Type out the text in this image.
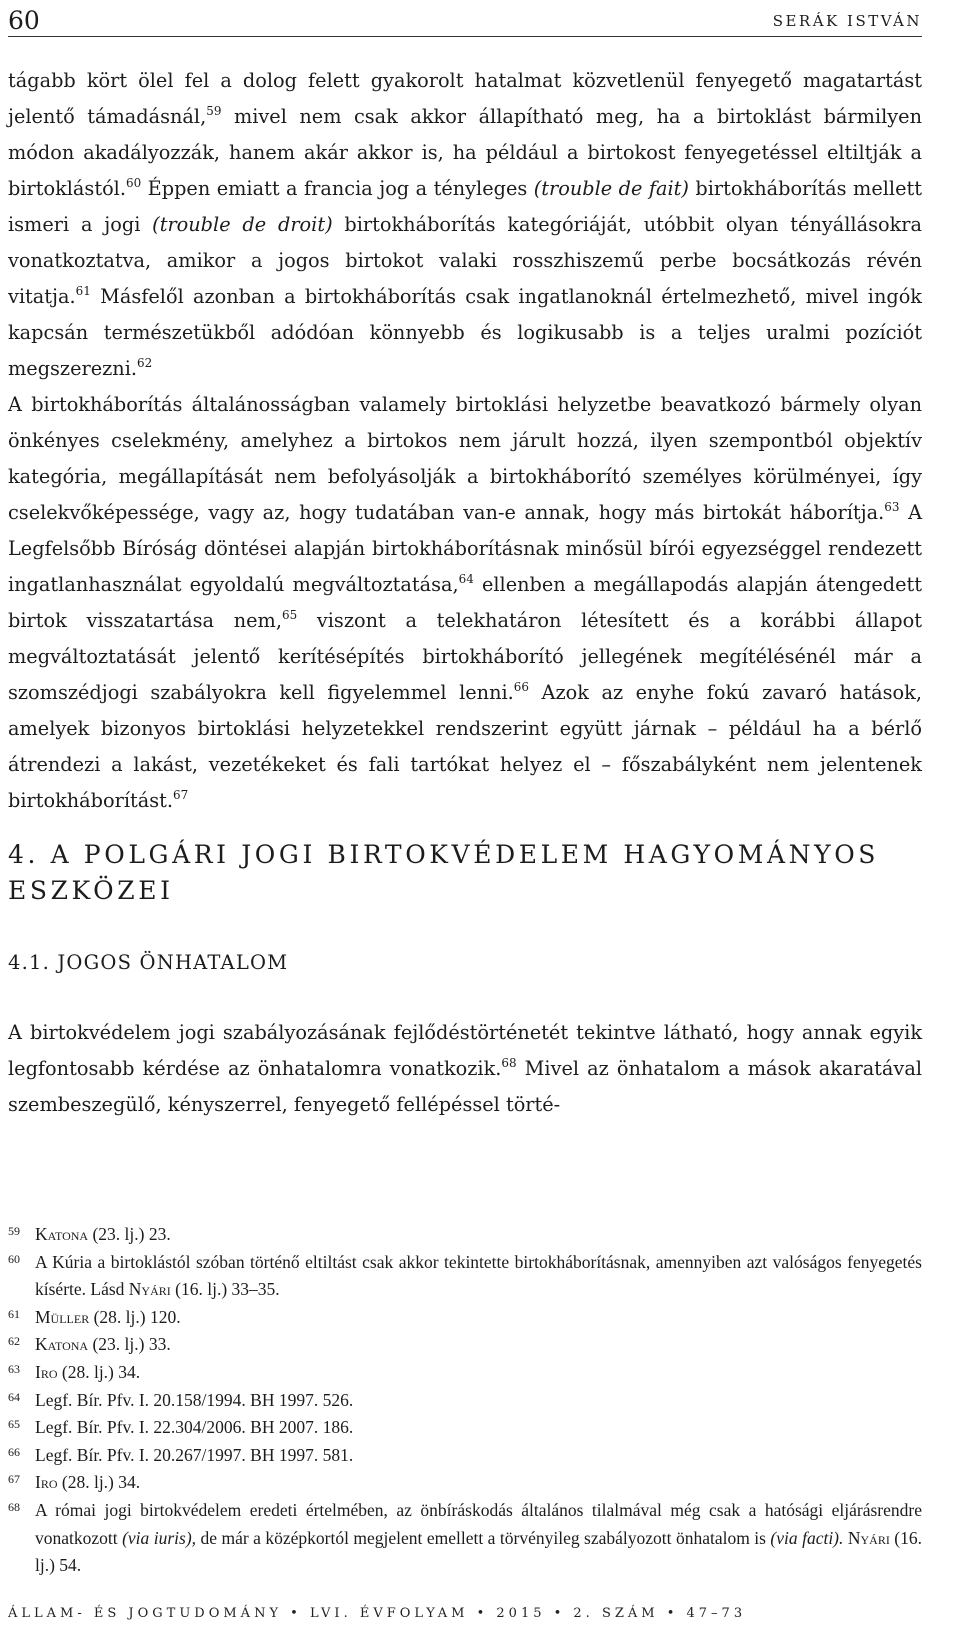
60	SERÁK ISTVÁN

tágabb kört ölel fel a dolog felett gyakorolt hatalmat közvetlenül fenyegető magatartást jelentő támadásnál,$^{59}$ mivel nem csak akkor állapítható meg, ha a birtoklást bármilyen módon akadályozzák, hanem akár akkor is, ha például a birtokost fenyegetéssel eltiltják a birtoklástól.$^{60}$ Éppen emiatt a francia jog a tényleges (trouble de fait) birtokháborítás mellett ismeri a jogi (trouble de droit) birtokháborítás kategóriáját, utóbbit olyan tényállásokra vonatkoztatva, amikor a jogos birtokot valaki rosszhiszemű perbe bocsátkozás révén vitatja.$^{61}$ Másfelől azonban a birtokháborítás csak ingatlanoknál értelmezhető, mivel ingók kapcsán természetükből adódóan könnyebb és logikusabb is a teljes uralmi pozíciót megszerezni.$^{62}$

A birtokháborítás általánosságban valamely birtoklási helyzetbe beavatkozó bármely olyan önkényes cselekmény, amelyhez a birtokos nem járult hozzá, ilyen szempontból objektív kategória, megállapítását nem befolyásolják a birtokháborító személyes körülményei, így cselekvőképessége, vagy az, hogy tudatában van-e annak, hogy más birtokát háborítja.$^{63}$ A Legfelsőbb Bíróság döntései alapján birtokháborításnak minősül bírói egyezséggel rendezett ingatlanhasználat egyoldalú megváltoztatása,$^{64}$ ellenben a megállapodás alapján átengedett birtok visszatartása nem,$^{65}$ viszont a telekhatáron létesített és a korábbi állapot megváltoztatását jelentő kerítésépítés birtokháborító jellegének megítélésénél már a szomszédjogi szabályokra kell figyelemmel lenni.$^{66}$ Azok az enyhe fokú zavaró hatások, amelyek bizonyos birtoklási helyzetekkel rendszerint együtt járnak – például ha a bérlő átrendezi a lakást, vezetékeket és fali tartókat helyez el – főszabályként nem jelentenek birtokháborítást.$^{67}$

4. A POLGÁRI JOGI BIRTOKVÉDELEM HAGYOMÁNYOS ESZKÖZEI
4.1. JOGOS ÖNHATALOM

A birtokvédelem jogi szabályozásának fejlődéstörténetét tekintve látható, hogy annak egyik legfontosabb kérdése az önhatalomra vonatkozik.$^{68}$ Mivel az önhatalom a mások akaratával szembeszegülő, kényszerrel, fenyegető fellépéssel törté-

59 Katona (23. lj.) 23.
60 A Kúria a birtoklástól szóban történő eltiltást csak akkor tekintette birtokháborításnak, amennyiben azt valóságos fenyegetés kísérte. Lásd Nyári (16. lj.) 33–35.
61 Müller (28. lj.) 120.
62 Katona (23. lj.) 33.
63 Iro (28. lj.) 34.
64 Legf. Bír. Pfv. I. 20.158/1994. BH 1997. 526.
65 Legf. Bír. Pfv. I. 22.304/2006. BH 2007. 186.
66 Legf. Bír. Pfv. I. 20.267/1997. BH 1997. 581.
67 Iro (28. lj.) 34.
68 A római jogi birtokvédelem eredeti értelmében, az önbíráskodás általános tilalmával még csak a hatósági eljárásrendre vonatkozott (via iuris), de már a középkortól megjelent emellett a törvényileg szabályozott önhatalom is (via facti). Nyári (16. lj.) 54.
ÁLLAM- ÉS JOGTUDOMÁNY • LVI. ÉVFOLYAM • 2015 • 2. SZÁM • 47–73
